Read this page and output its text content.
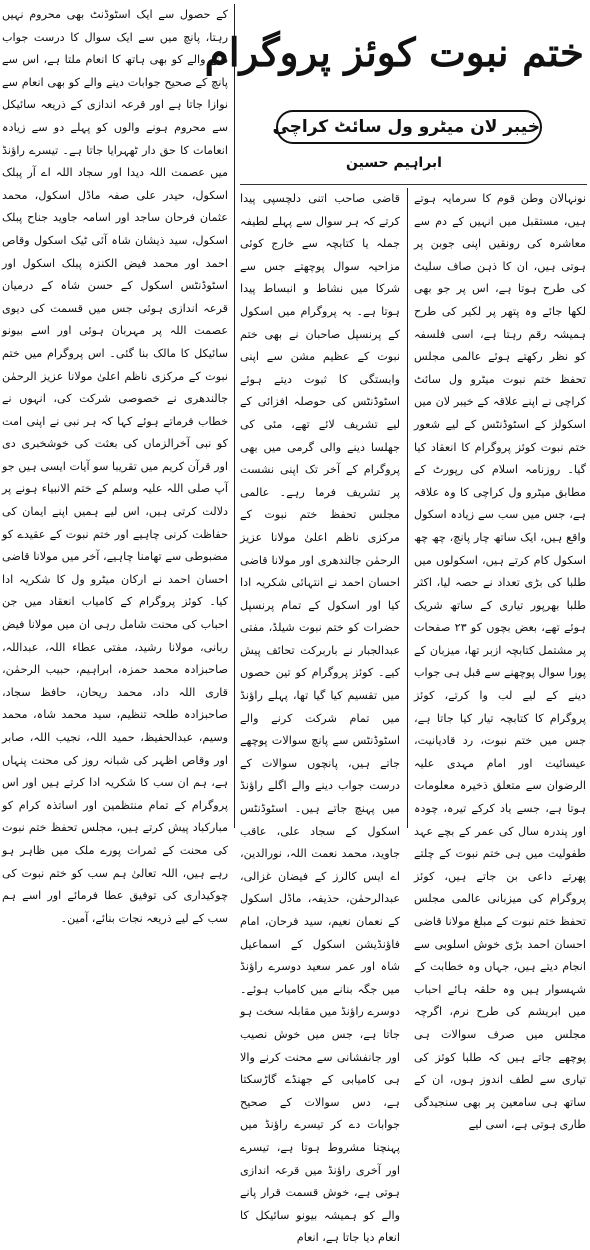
کے حصول سے ایک اسٹوڈنٹ بھی محروم نہیں رہتا، پانچ میں سے ایک سوال کا درست جواب دینے والے کو بھی ہاتھ کا انعام ملتا ہے، اس سے پانچ کے صحیح جوابات دینے والے کو بھی انعام سے نوازا جاتا ہے اور قرعہ اندازی کے ذریعہ سائیکل سے محروم ہونے والوں کو پہلے دو سے زیادہ انعامات کا حق دار ٹھہرایا جاتا ہے۔ تیسرے راؤنڈ میں عصمت اللہ دیدا اور سجاد اللہ اے آر پبلک اسکول، حیدر علی صفہ ماڈل اسکول، محمد عثمان فرحان ساجد اور اسامہ جاوید جناح پبلک اسکول، سید ذیشان شاہ آئی ٹیک اسکول وقاص احمد اور محمد فیض الکنزہ پبلک اسکول اور اسٹوڈنٹس اسکول کے حسن شاہ کے درمیان قرعہ اندازی ہوئی جس میں قسمت کی دیوی عصمت اللہ پر مہربان ہوئی اور اسے بیونو سائیکل کا مالک بنا گئی۔ اس پروگرام میں ختم نبوت کے مرکزی ناظم اعلیٰ مولانا عزیز الرحمٰن جالندھری نے خصوصی شرکت کی، انہوں نے خطاب فرماتے ہوئے کہا کہ ہر نبی نے اپنی امت کو نبی آخرالزماں کی بعثت کی خوشخبری دی اور قرآن کریم میں تقریبا سو آیات ایسی ہیں جو آپ صلی اللہ علیہ وسلم کے ختم الانبیاء ہونے پر دلالت کرتی ہیں، اس لیے ہمیں اپنے ایمان کی حفاظت کرنی چاہیے اور ختم نبوت کے عقیدے کو مضبوطی سے تھامنا چاہیے، آخر میں مولانا قاضی احسان احمد نے ارکان میٹرو ول کا شکریہ ادا کیا۔ کوئز پروگرام کے کامیاب انعقاد میں جن احباب کی محنت شامل رہی ان میں مولانا فیض ربانی، مولانا رشید، مفتی عطاء اللہ، عبداللہ، صاحبزادہ محمد حمزہ، ابراہیم، حبیب الرحمٰن، قاری اللہ داد، محمد ریحان، حافظ سجاد، صاحبزادہ طلحہ تنظیم، سید محمد شاہ، محمد وسیم، عبدالحفیظ، حمید اللہ، نجیب اللہ، صابر اور وقاص اظہر کی شبانہ روز کی محنت پنہاں ہے، ہم ان سب کا شکریہ ادا کرتے ہیں اور اس پروگرام کے تمام منتظمین اور اساتذہ کرام کو مبارکباد پیش کرتے ہیں، مجلس تحفظ ختم نبوت کی محنت کے ثمرات پورے ملک میں ظاہر ہو رہے ہیں، اللہ تعالیٰ ہم سب کو ختم نبوت کی چوکیداری کی توفیق عطا فرمائے اور اسے ہم سب کے لیے ذریعہ نجات بنائے، آمین۔

ختم نبوت کوئز پروگرام
خیبر لان میٹرو ول سائٹ کراچی
ابراہیم حسین

قاضی صاحب اتنی دلچسپی پیدا کرتے کہ ہر سوال سے پہلے لطیفہ جملہ یا کتابچہ سے خارج کوئی مزاحیہ سوال پوچھتے جس سے شرکا میں نشاط و انبساط پیدا ہوتا ہے۔ یہ پروگرام میں اسکول کے پرنسپل صاحبان نے بھی ختم نبوت کے عظیم مشن سے اپنی وابستگی کا ثبوت دیتے ہوئے اسٹوڈنٹس کی حوصلہ افزائی کے لیے تشریف لائے تھے، مئی کی جھلسا دینے والی گرمی میں بھی پروگرام کے آخر تک اپنی نشست پر تشریف فرما رہے۔ عالمی مجلس تحفظ ختم نبوت کے مرکزی ناظم اعلیٰ مولانا عزیز الرحمٰن جالندھری اور مولانا قاضی احسان احمد نے انتہائی شکریہ ادا کیا اور اسکول کے تمام پرنسپل حضرات کو ختم نبوت شیلڈ، مفتی عبدالجبار نے باربرکت تحائف پیش کیے۔ کوئز پروگرام کو تین حصوں میں تقسیم کیا گیا تھا، پہلے راؤنڈ میں تمام شرکت کرنے والے اسٹوڈنٹس سے پانچ سوالات پوچھے جاتے ہیں، پانچوں سوالات کے درست جواب دینے والے اگلے راؤنڈ میں پہنچ جاتے ہیں۔ اسٹوڈنٹس اسکول کے سجاد علی، عاقب جاوید، محمد نعمت اللہ، نورالدین، اے ایس کالرز کے فیضان غزالی، عبدالرحمٰن، حذیفہ، ماڈل اسکول کے نعمان نعیم، سید فرحان، امام فاؤنڈیشن اسکول کے اسماعیل شاہ اور عمر سعید دوسرے راؤنڈ میں جگہ بنانے میں کامیاب ہوئے۔ دوسرے راؤنڈ میں مقابلہ سخت ہو جاتا ہے، جس میں خوش نصیب اور جانفشانی سے محنت کرنے والا ہی کامیابی کے جھنڈے گاڑسکتا ہے، دس سوالات کے صحیح جوابات دے کر تیسرے راؤنڈ میں پہنچنا مشروط ہوتا ہے، تیسرے اور آخری راؤنڈ میں قرعہ اندازی ہوتی ہے، خوش قسمت قرار پانے والے کو ہمیشہ بیونو سائیکل کا انعام دیا جاتا ہے، انعام

نونہالان وطن قوم کا سرمایہ ہوتے ہیں، مستقبل میں انہیں کے دم سے معاشرہ کی رونقیں اپنی جوبن پر ہوتی ہیں، ان کا ذہن صاف سلیٹ کی طرح ہوتا ہے، اس پر جو بھی لکھا جائے وہ پتھر پر لکیر کی طرح ہمیشہ رقم رہتا ہے، اسی فلسفہ کو نظر رکھتے ہوئے عالمی مجلس تحفظ ختم نبوت میٹرو ول سائٹ کراچی نے اپنے علاقہ کے خیبر لان میں اسکولز کے اسٹوڈنٹس کے لیے شعور ختم نبوت کوئز پروگرام کا انعقاد کیا گیا۔ روزنامہ اسلام کی رپورٹ کے مطابق میٹرو ول کراچی کا وہ علاقہ ہے، جس میں سب سے زیادہ اسکول واقع ہیں، ایک ساتھ چار پانچ، چھ چھ اسکول کام کرتے ہیں، اسکولوں میں طلبا کی بڑی تعداد نے حصہ لیا، اکثر طلبا بھرپور تیاری کے ساتھ شریک ہوئے تھے، بعض بچوں کو ۲۳ صفحات پر مشتمل کتابچہ ازبر تھا، میزبان کے پورا سوال پوچھنے سے قبل ہی جواب دینے کے لیے لب وا کرتے، کوئز پروگرام کا کتابچہ تیار کیا جاتا ہے، جس میں ختم نبوت، رد قادیانیت، عیسائیت اور امام مہدی علیہ الرضوان سے متعلق ذخیرہ معلومات ہوتا ہے، جسے یاد کرکے تیرہ، چودہ اور پندرہ سال کی عمر کے بچے عہد طفولیت میں ہی ختم نبوت کے چلتے پھرتے داعی بن جاتے ہیں، کوئز پروگرام کی میزبانی عالمی مجلس تحفظ ختم نبوت کے مبلغ مولانا قاضی احسان احمد بڑی خوش اسلوبی سے انجام دیتے ہیں، جہاں وہ خطابت کے شہسوار ہیں وہ حلقہ ہائے احباب میں ابریشم کی طرح نرم، اگرچہ مجلس میں صرف سوالات ہی پوچھے جاتے ہیں کہ طلبا کوئز کی تیاری سے لطف اندوز ہوں، ان کے ساتھ ہی سامعین پر بھی سنجیدگی طاری ہوتی ہے، اسی لیے
